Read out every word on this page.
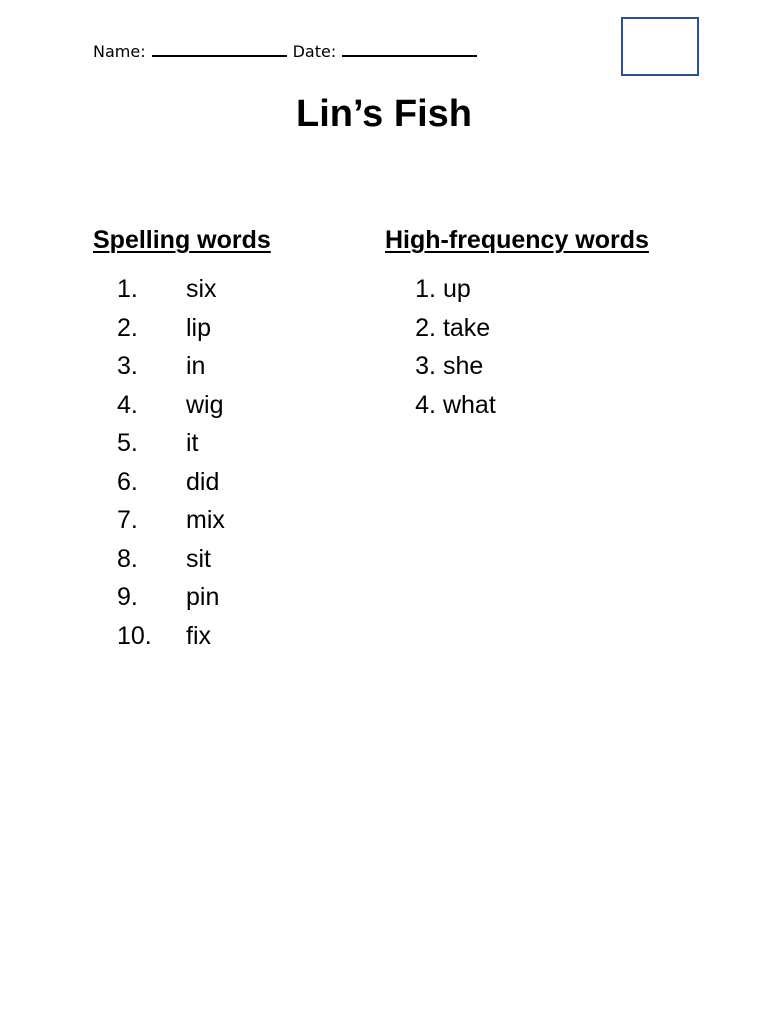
Name:	Date:
Lin’s Fish
Spelling words	High-frequency words
1. six
2. lip
3. in
4. wig
5. it
6. did
7. mix
8. sit
9. pin
10. fix
1. up
2. take
3. she
4. what
